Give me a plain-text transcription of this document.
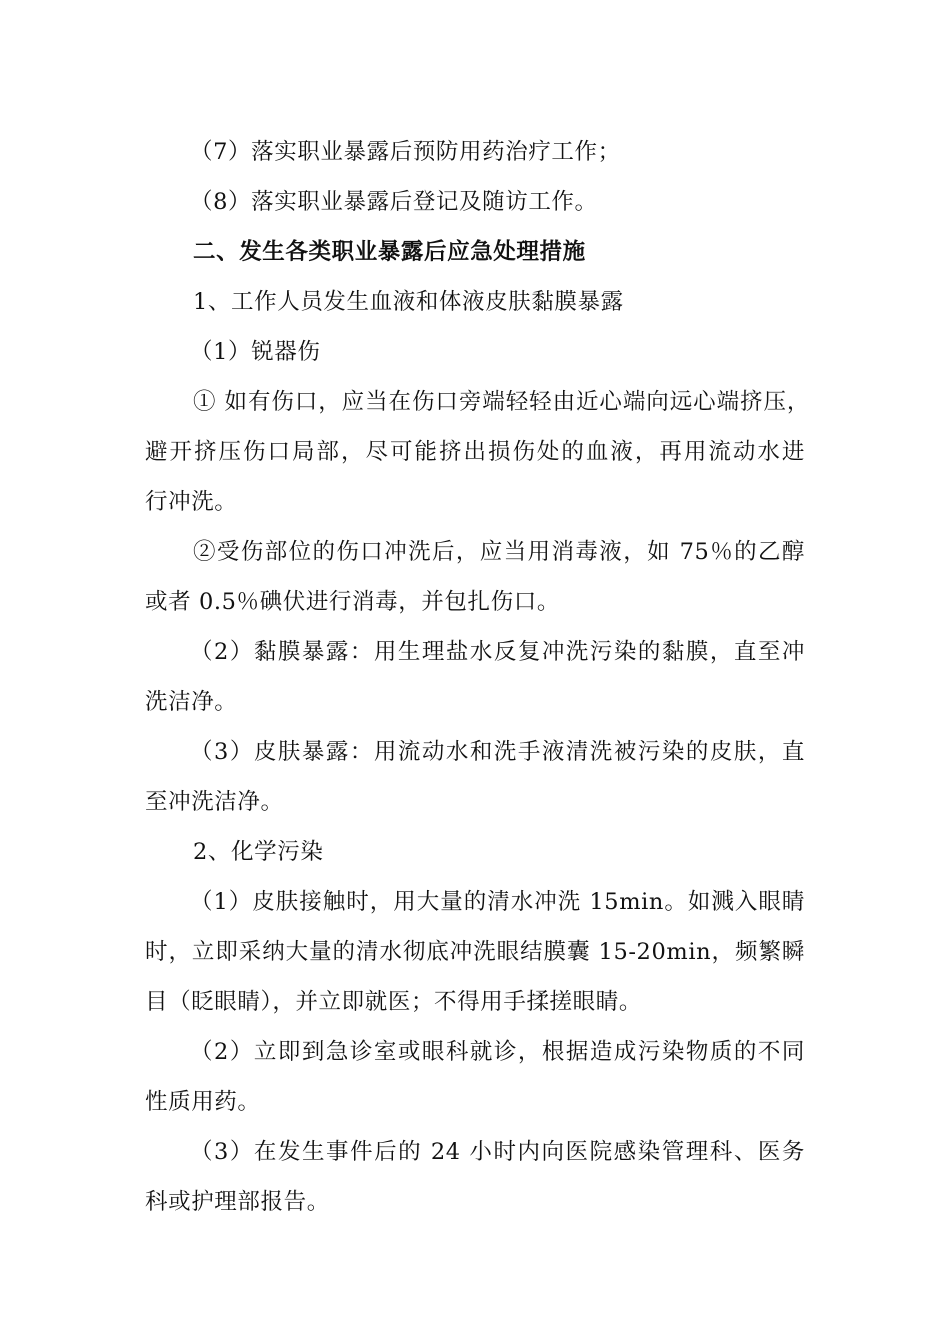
（7）落实职业暴露后预防用药治疗工作；
（8）落实职业暴露后登记及随访工作。
二、发生各类职业暴露后应急处理措施
1、工作人员发生血液和体液皮肤黏膜暴露
（1）锐器伤
① 如有伤口，应当在伤口旁端轻轻由近心端向远心端挤压，
避开挤压伤口局部，尽可能挤出损伤处的血液，再用流动水进
行冲洗。
②受伤部位的伤口冲洗后，应当用消毒液，如 75％的乙醇
或者 0.5％碘伏进行消毒，并包扎伤口。
（2）黏膜暴露：用生理盐水反复冲洗污染的黏膜，直至冲
洗洁净。
（3）皮肤暴露：用流动水和洗手液清洗被污染的皮肤，直
至冲洗洁净。
2、化学污染
（1）皮肤接触时，用大量的清水冲洗 15min。如溅入眼睛
时，立即采纳大量的清水彻底冲洗眼结膜囊 15-20min，频繁瞬
目（眨眼睛），并立即就医；不得用手揉搓眼睛。
（2）立即到急诊室或眼科就诊，根据造成污染物质的不同
性质用药。
（3）在发生事件后的 24 小时内向医院感染管理科、医务
科或护理部报告。
